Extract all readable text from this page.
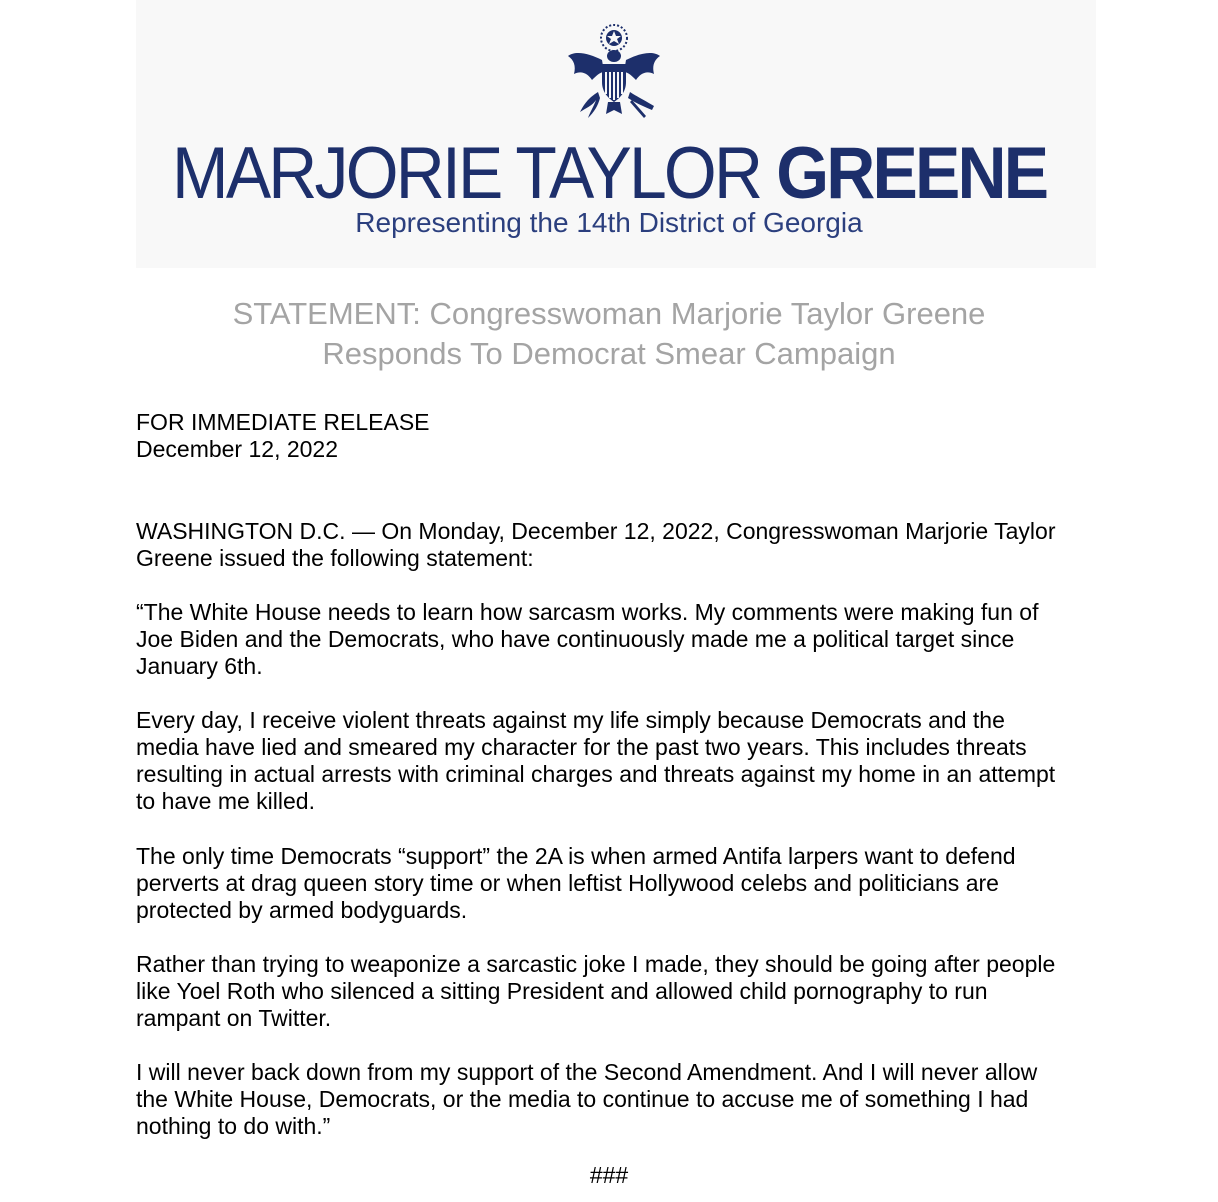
MARJORIE TAYLOR GREENE
Representing the 14th District of Georgia
STATEMENT: Congresswoman Marjorie Taylor Greene
Responds To Democrat Smear Campaign
FOR IMMEDIATE RELEASE
December 12, 2022
WASHINGTON D.C. — On Monday, December 12, 2022, Congresswoman Marjorie Taylor
Greene issued the following statement:
“The White House needs to learn how sarcasm works. My comments were making fun of
Joe Biden and the Democrats, who have continuously made me a political target since
January 6th.
Every day, I receive violent threats against my life simply because Democrats and the
media have lied and smeared my character for the past two years. This includes threats
resulting in actual arrests with criminal charges and threats against my home in an attempt
to have me killed.
The only time Democrats “support” the 2A is when armed Antifa larpers want to defend
perverts at drag queen story time or when leftist Hollywood celebs and politicians are
protected by armed bodyguards.
Rather than trying to weaponize a sarcastic joke I made, they should be going after people
like Yoel Roth who silenced a sitting President and allowed child pornography to run
rampant on Twitter.
I will never back down from my support of the Second Amendment. And I will never allow
the White House, Democrats, or the media to continue to accuse me of something I had
nothing to do with.”
###
